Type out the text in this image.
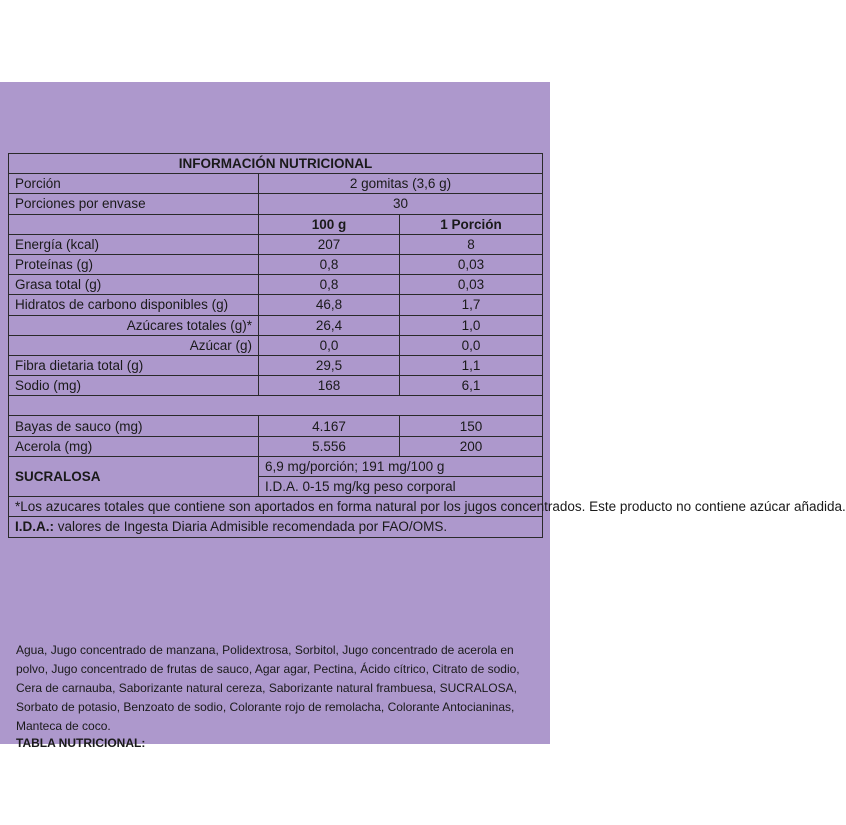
INFORMACIÓN NUTRICIONAL		
Porción	2 gomitas (3,6 g)	
Porciones por envase	30	
	100 g	1 Porción
Energía (kcal)	207	8
Proteínas (g)	0,8	0,03
Grasa total (g)	0,8	0,03
Hidratos de carbono disponibles (g)	46,8	1,7
Azúcares totales (g)*	26,4	1,0
Azúcar (g)	0,0	0,0
Fibra dietaria total (g)	29,5	1,1
Sodio (mg)	168	6,1

Bayas de sauco (mg)	4.167	150
Acerola (mg)	5.556	200
SUCRALOSA	6,9 mg/porción; 191 mg/100 g	
	I.D.A. 0-15 mg/kg peso corporal	
*Los azucares totales que contiene son aportados en forma natural por los jugos concentrados. Este producto no contiene azúcar añadida.		
I.D.A.: valores de Ingesta Diaria Admisible recomendada por FAO/OMS.		
Agua, Jugo concentrado de manzana, Polidextrosa, Sorbitol, Jugo concentrado de acerola en polvo, Jugo concentrado de frutas de sauco, Agar agar, Pectina, Ácido cítrico, Citrato de sodio, Cera de carnauba, Saborizante natural cereza, Saborizante natural frambuesa, SUCRALOSA, Sorbato de potasio, Benzoato de sodio, Colorante rojo de remolacha, Colorante Antocianinas, Manteca de coco.
TABLA NUTRICIONAL:
